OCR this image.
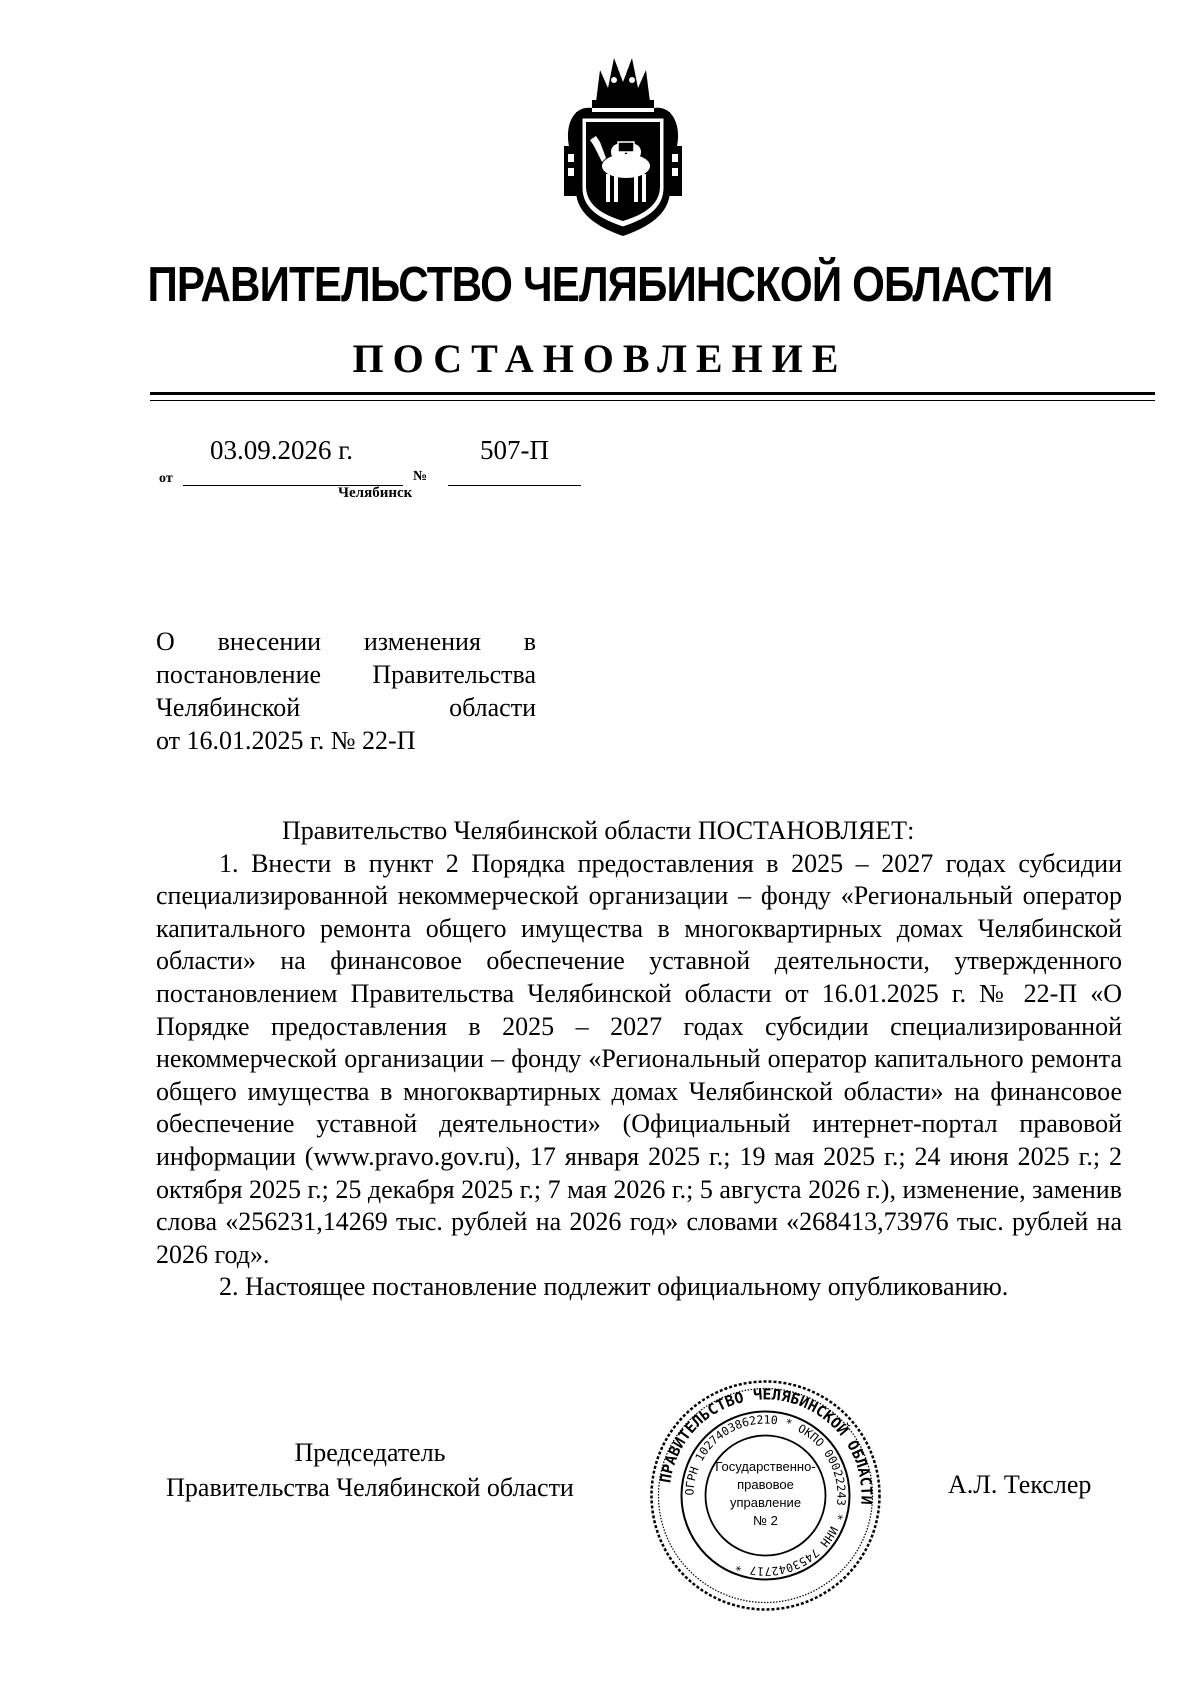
ПРАВИТЕЛЬСТВО ЧЕЛЯБИНСКОЙ ОБЛАСТИ
ПОСТАНОВЛЕНИЕ
от
03.09.2026 г.
№
507-П
Челябинск
О внесении изменения в
постановление Правительства
Челябинской области
от 16.01.2025 г. № 22-П

Правительство Челябинской области ПОСТАНОВЛЯЕТ:

1. Внести в пункт 2 Порядка предоставления в 2025 – 2027 годах субсидии специализированной некоммерческой организации – фонду «Региональный оператор капитального ремонта общего имущества в многоквартирных домах Челябинской области» на финансовое обеспечение уставной деятельности, утвержденного постановлением Правительства Челябинской области от 16.01.2025 г. № 22-П «О Порядке предоставления в 2025 – 2027 годах субсидии специализированной некоммерческой организации – фонду «Региональный оператор капитального ремонта общего имущества в многоквартирных домах Челябинской области» на финансовое обеспечение уставной деятельности» (Официальный интернет-портал правовой информации (www.pravo.gov.ru), 17 января 2025 г.; 19 мая 2025 г.; 24 июня 2025 г.; 2 октября 2025 г.; 25 декабря 2025 г.; 7 мая 2026 г.; 5 августа 2026 г.), изменение, заменив слова «256231,14269 тыс. рублей на 2026 год» словами «268413,73976 тыс. рублей на 2026 год».

2. Настоящее постановление подлежит официальному опубликованию.

Председатель
Правительства Челябинской области	А.Л. Текслер
ПРАВИТЕЛЬСТВО ЧЕЛЯБИНСКОЙ ОБЛАСТИ
ОГРН 1027403862210 * ОКПО 00022243 * ИНН 7453042717 *
Государственно-
правовое
управление
№ 2
